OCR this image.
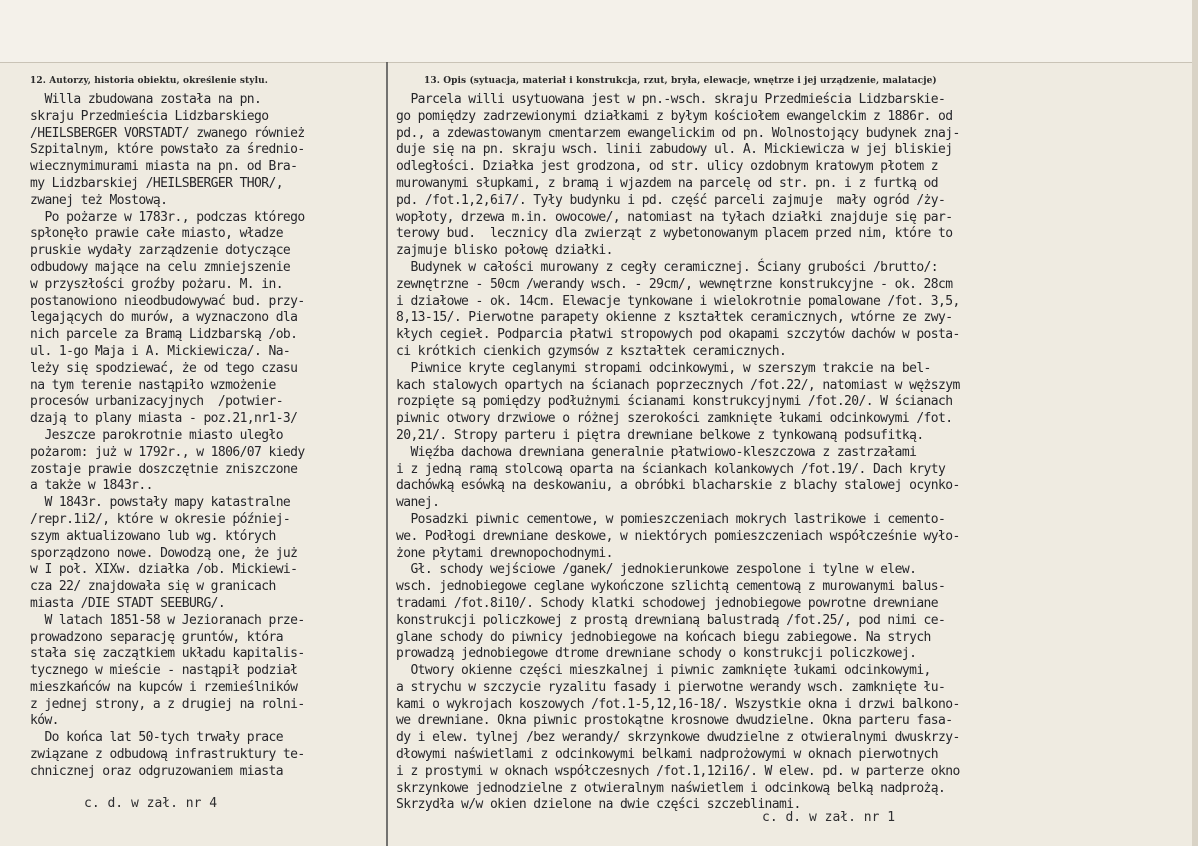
12. Autorzy, historia obiektu, określenie stylu.	13. Opis (sytuacja, materiał i konstrukcja, rzut, bryła, elewacje, wnętrze i jej urządzenie, malatacje)
Willa zbudowana została na pn.
skraju Przedmieścia Lidzbarskiego
/HEILSBERGER VORSTADT/ zwanego również
Szpitalnym, które powstało za średnio-
wiecznymimurami miasta na pn. od Bra-
my Lidzbarskiej /HEILSBERGER THOR/,
zwanej też Mostową.
Po pożarze w 1783r., podczas którego
spłonęło prawie całe miasto, władze
pruskie wydały zarządzenie dotyczące
odbudowy mające na celu zmniejszenie
w przyszłości groźby pożaru. M. in.
postanowiono nieodbudowywać bud. przy-
legających do murów, a wyznaczono dla
nich parcele za Bramą Lidzbarską /ob.
ul. 1-go Maja i A. Mickiewicza/. Na-
leży się spodziewać, że od tego czasu
na tym terenie nastąpiło wzmożenie
procesów urbanizacyjnych  /potwier-
dzają to plany miasta - poz.21,nr1-3/
Jeszcze parokrotnie miasto uległo
pożarom: już w 1792r., w 1806/07 kiedy
zostaje prawie doszczętnie zniszczone
a także w 1843r..
W 1843r. powstały mapy katastralne
/repr.1i2/, które w okresie później-
szym aktualizowano lub wg. których
sporządzono nowe. Dowodzą one, że już
w I poł. XIXw. działka /ob. Mickiewi-
cza 22/ znajdowała się w granicach
miasta /DIE STADT SEEBURG/.
W latach 1851-58 w Jezioranach prze-
prowadzono separację gruntów, która
stała się zaczątkiem układu kapitalis-
tycznego w mieście - nastąpił podział
mieszkańców na kupców i rzemieślników
z jednej strony, a z drugiej na rolni-
ków.
Do końca lat 50-tych trwały prace
związane z odbudową infrastruktury te-
chnicznej oraz odgruzowaniem miasta
Parcela willi usytuowana jest w pn.-wsch. skraju Przedmieścia Lidzbarskie-
go pomiędzy zadrzewionymi działkami z byłym kościołem ewangelckim z 1886r. od
pd., a zdewastowanym cmentarzem ewangelickim od pn. Wolnostojący budynek znaj-
duje się na pn. skraju wsch. linii zabudowy ul. A. Mickiewicza w jej bliskiej
odległości. Działka jest grodzona, od str. ulicy ozdobnym kratowym płotem z
murowanymi słupkami, z bramą i wjazdem na parcelę od str. pn. i z furtką od
pd. /fot.1,2,6i7/. Tyły budynku i pd. część parceli zajmuje  mały ogród /ży-
wopłoty, drzewa m.in. owocowe/, natomiast na tyłach działki znajduje się par-
terowy bud.  lecznicy dla zwierząt z wybetonowanym placem przed nim, które to
zajmuje blisko połowę działki.
Budynek w całości murowany z cegły ceramicznej. Ściany grubości /brutto/:
zewnętrzne - 50cm /werandy wsch. - 29cm/, wewnętrzne konstrukcyjne - ok. 28cm
i działowe - ok. 14cm. Elewacje tynkowane i wielokrotnie pomalowane /fot. 3,5,
8,13-15/. Pierwotne parapety okienne z kształtek ceramicznych, wtórne ze zwy-
kłych cegieł. Podparcia płatwi stropowych pod okapami szczytów dachów w posta-
ci krótkich cienkich gzymsów z kształtek ceramicznych.
Piwnice kryte ceglanymi stropami odcinkowymi, w szerszym trakcie na bel-
kach stalowych opartych na ścianach poprzecznych /fot.22/, natomiast w węższym
rozpięte są pomiędzy podłużnymi ścianami konstrukcyjnymi /fot.20/. W ścianach
piwnic otwory drzwiowe o różnej szerokości zamknięte łukami odcinkowymi /fot.
20,21/. Stropy parteru i piętra drewniane belkowe z tynkowaną podsufitką.
Więźba dachowa drewniana generalnie płatwiowo-kleszczowa z zastrzałami
i z jedną ramą stolcową oparta na ściankach kolankowych /fot.19/. Dach kryty
dachówką esówką na deskowaniu, a obróbki blacharskie z blachy stalowej ocynko-
wanej.
Posadzki piwnic cementowe, w pomieszczeniach mokrych lastrikowe i cemento-
we. Podłogi drewniane deskowe, w niektórych pomieszczeniach współcześnie wyło-
żone płytami drewnopochodnymi.
Gł. schody wejściowe /ganek/ jednokierunkowe zespolone i tylne w elew.
wsch. jednobiegowe ceglane wykończone szlichtą cementową z murowanymi balus-
tradami /fot.8i10/. Schody klatki schodowej jednobiegowe powrotne drewniane
konstrukcji policzkowej z prostą drewnianą balustradą /fot.25/, pod nimi ce-
glane schody do piwnicy jednobiegowe na końcach biegu zabiegowe. Na strych
prowadzą jednobiegowe dtrome drewniane schody o konstrukcji policzkowej.
Otwory okienne części mieszkalnej i piwnic zamknięte łukami odcinkowymi,
a strychu w szczycie ryzalitu fasady i pierwotne werandy wsch. zamknięte łu-
kami o wykrojach koszowych /fot.1-5,12,16-18/. Wszystkie okna i drzwi balkono-
we drewniane. Okna piwnic prostokątne krosnowe dwudzielne. Okna parteru fasa-
dy i elew. tylnej /bez werandy/ skrzynkowe dwudzielne z otwieralnymi dwuskrzy-
dłowymi naświetlami z odcinkowymi belkami nadprożowymi w oknach pierwotnych
i z prostymi w oknach współczesnych /fot.1,12i16/. W elew. pd. w parterze okno
skrzynkowe jednodzielne z otwieralnym naświetlem i odcinkową belką nadprożą.
Skrzydła w/w okien dzielone na dwie części szczeblinami.
c. d. w zał. nr 4
c. d. w zał. nr 1
